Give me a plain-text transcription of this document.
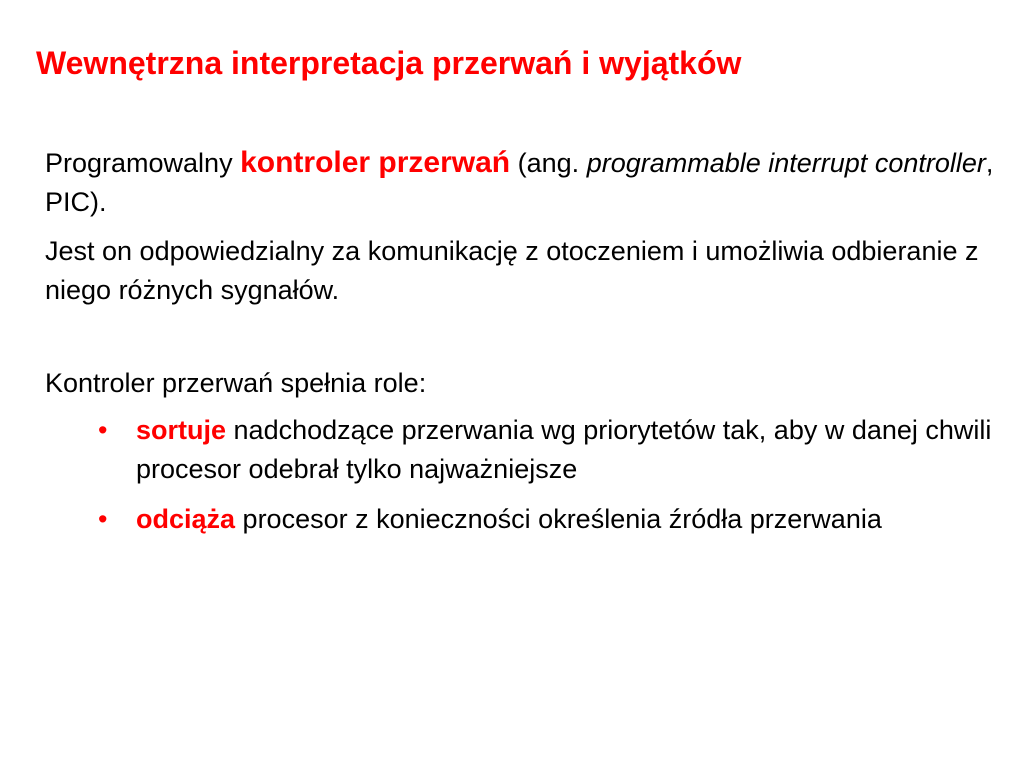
Wewnętrzna interpretacja przerwań i wyjątków

Programowalny kontroler przerwań (ang. programmable interrupt controller, PIC).

Jest on odpowiedzialny za komunikację z otoczeniem i umożliwia odbieranie z niego różnych sygnałów.

Kontroler przerwań spełnia role:

• sortuje nadchodzące przerwania wg priorytetów tak, aby w danej chwili procesor odebrał tylko najważniejsze
• odciąża procesor z konieczności określenia źródła przerwania
